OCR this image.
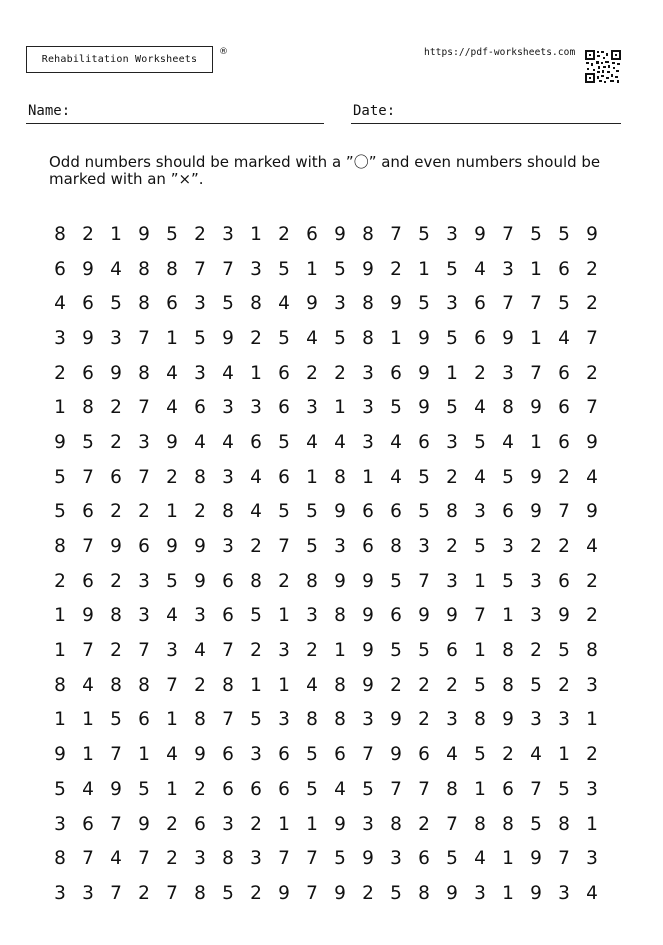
Rehabilitation Worksheets
®	https://pdf-worksheets.com
Name:	Date:
Odd numbers should be marked with a ”〇” and even numbers should be marked with an ”×”.
8 2 1 9 5 2 3 1 2 6 9 8 7 5 3 9 7 5 5 9
6 9 4 8 8 7 7 3 5 1 5 9 2 1 5 4 3 1 6 2
4 6 5 8 6 3 5 8 4 9 3 8 9 5 3 6 7 7 5 2
3 9 3 7 1 5 9 2 5 4 5 8 1 9 5 6 9 1 4 7
2 6 9 8 4 3 4 1 6 2 2 3 6 9 1 2 3 7 6 2
1 8 2 7 4 6 3 3 6 3 1 3 5 9 5 4 8 9 6 7
9 5 2 3 9 4 4 6 5 4 4 3 4 6 3 5 4 1 6 9
5 7 6 7 2 8 3 4 6 1 8 1 4 5 2 4 5 9 2 4
5 6 2 2 1 2 8 4 5 5 9 6 6 5 8 3 6 9 7 9
8 7 9 6 9 9 3 2 7 5 3 6 8 3 2 5 3 2 2 4
2 6 2 3 5 9 6 8 2 8 9 9 5 7 3 1 5 3 6 2
1 9 8 3 4 3 6 5 1 3 8 9 6 9 9 7 1 3 9 2
1 7 2 7 3 4 7 2 3 2 1 9 5 5 6 1 8 2 5 8
8 4 8 8 7 2 8 1 1 4 8 9 2 2 2 5 8 5 2 3
1 1 5 6 1 8 7 5 3 8 8 3 9 2 3 8 9 3 3 1
9 1 7 1 4 9 6 3 6 5 6 7 9 6 4 5 2 4 1 2
5 4 9 5 1 2 6 6 6 5 4 5 7 7 8 1 6 7 5 3
3 6 7 9 2 6 3 2 1 1 9 3 8 2 7 8 8 5 8 1
8 7 4 7 2 3 8 3 7 7 5 9 3 6 5 4 1 9 7 3
3 3 7 2 7 8 5 2 9 7 9 2 5 8 9 3 1 9 3 4
